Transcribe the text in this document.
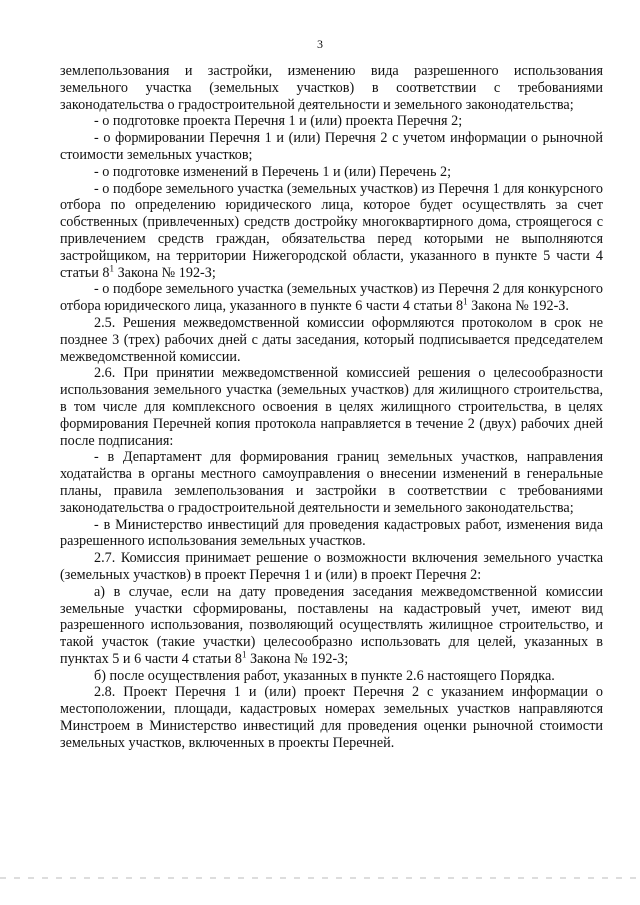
3

землепользования и застройки, изменению вида разрешенного использования земельного участка (земельных участков) в соответствии с требованиями законодательства о градостроительной деятельности и земельного законодательства;

- о подготовке проекта Перечня 1 и (или) проекта Перечня 2;

- о формировании Перечня 1 и (или) Перечня 2 с учетом информации о рыночной стоимости земельных участков;

- о подготовке изменений в Перечень 1 и (или) Перечень 2;

- о подборе земельного участка (земельных участков) из Перечня 1 для конкурсного отбора по определению юридического лица, которое будет осуществлять за счет собственных (привлеченных) средств достройку многоквартирного дома, строящегося с привлечением средств граждан, обязательства перед которыми не выполняются застройщиком, на территории Нижегородской области, указанного в пункте 5 части 4 статьи $8^1$ Закона № 192-З;

- о подборе земельного участка (земельных участков) из Перечня 2 для конкурсного отбора юридического лица, указанного в пункте 6 части 4 статьи $8^1$ Закона № 192-З.

2.5. Решения межведомственной комиссии оформляются протоколом в срок не позднее 3 (трех) рабочих дней с даты заседания, который подписывается председателем межведомственной комиссии.

2.6. При принятии межведомственной комиссией решения о целесообразности использования земельного участка (земельных участков) для жилищного строительства, в том числе для комплексного освоения в целях жилищного строительства, в целях формирования Перечней копия протокола направляется в течение 2 (двух) рабочих дней после подписания:

- в Департамент для формирования границ земельных участков, направления ходатайства в органы местного самоуправления о внесении изменений в генеральные планы, правила землепользования и застройки в соответствии с требованиями законодательства о градостроительной деятельности и земельного законодательства;

- в Министерство инвестиций для проведения кадастровых работ, изменения вида разрешенного использования земельных участков.

2.7. Комиссия принимает решение о возможности включения земельного участка (земельных участков) в проект Перечня 1 и (или) в проект Перечня 2:

а) в случае, если на дату проведения заседания межведомственной комиссии земельные участки сформированы, поставлены на кадастровый учет, имеют вид разрешенного использования, позволяющий осуществлять жилищное строительство, и такой участок (такие участки) целесообразно использовать для целей, указанных в пунктах 5 и 6 части 4 статьи $8^1$ Закона № 192-З;

б) после осуществления работ, указанных в пункте 2.6 настоящего Порядка.

2.8. Проект Перечня 1 и (или) проект Перечня 2 с указанием информации о местоположении, площади, кадастровых номерах земельных участков направляются Минстроем в Министерство инвестиций для проведения оценки рыночной стоимости земельных участков, включенных в проекты Перечней.
